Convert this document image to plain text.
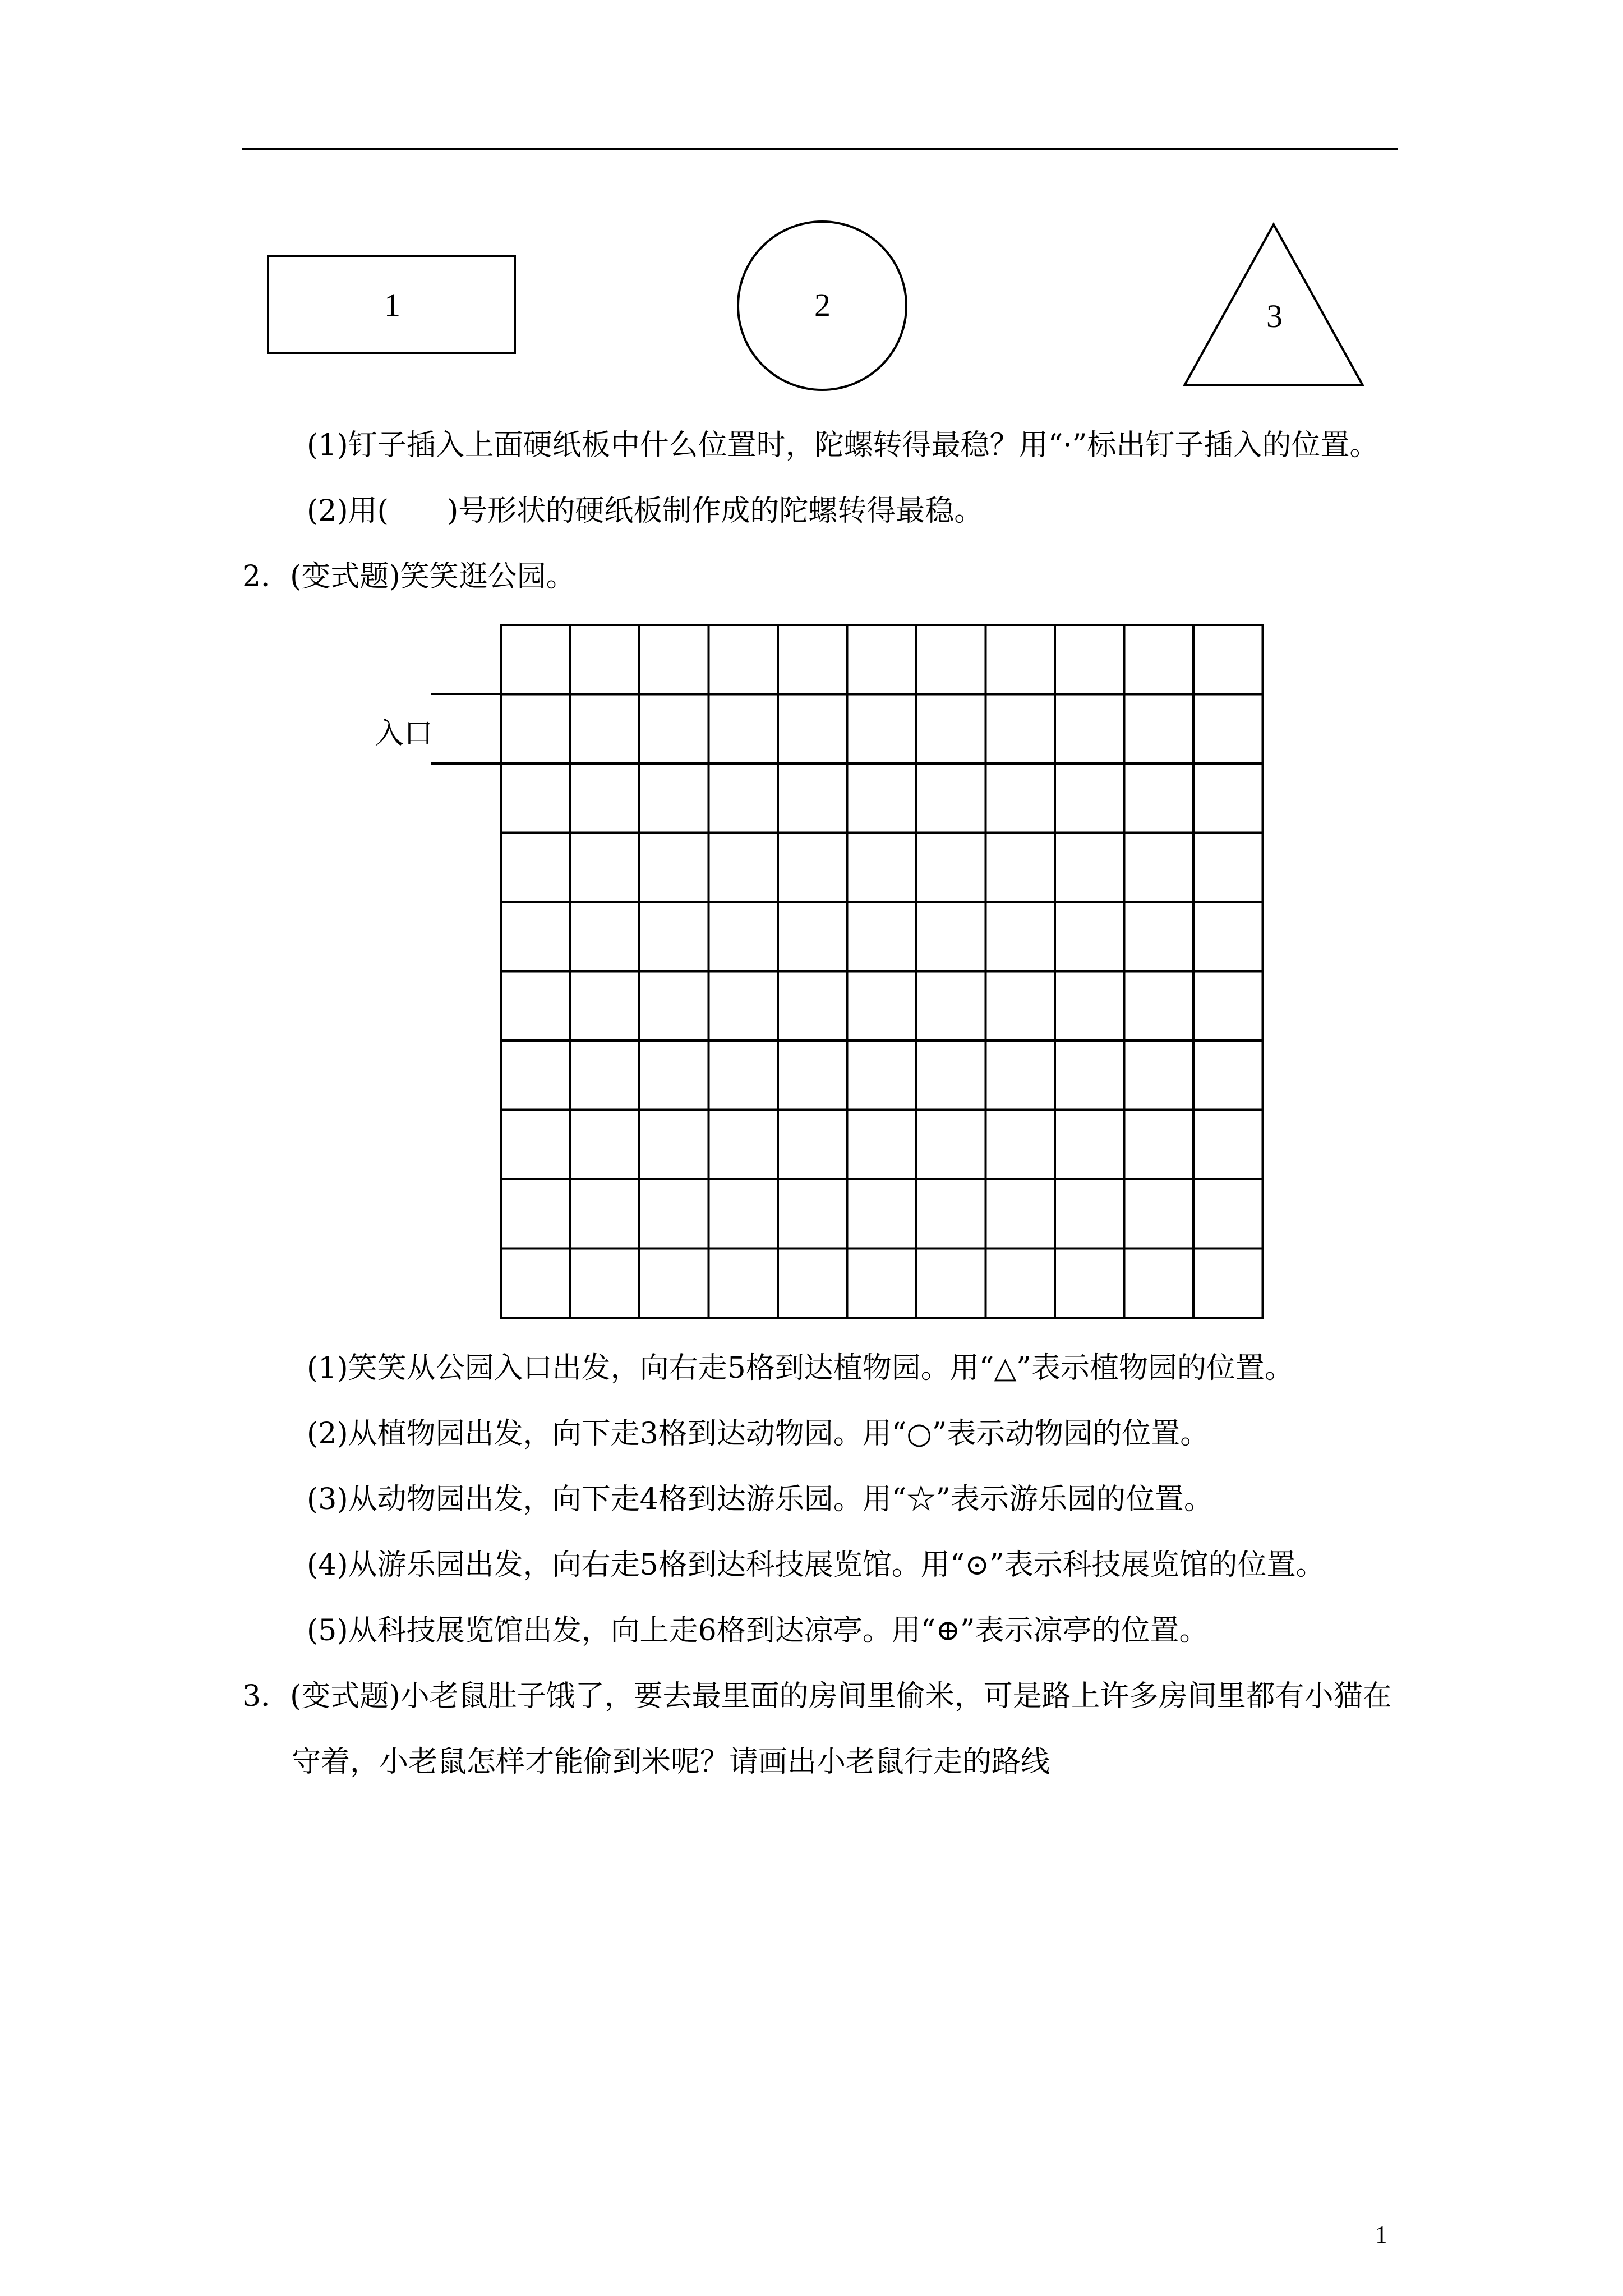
1	2	3
(1)钉子插入上面硬纸板中什么位置时，陀螺转得最稳？用“·”标出钉子插入的位置。
(2)用(　　)号形状的硬纸板制作成的陀螺转得最稳。
2．(变式题)笑笑逛公园。
入口
(1)笑笑从公园入口出发，向右走5格到达植物园。用“△”表示植物园的位置。
(2)从植物园出发，向下走3格到达动物园。用“○”表示动物园的位置。
(3)从动物园出发，向下走4格到达游乐园。用“☆”表示游乐园的位置。
(4)从游乐园出发，向右走5格到达科技展览馆。用“⊙”表示科技展览馆的位置。
(5)从科技展览馆出发，向上走6格到达凉亭。用“⊕”表示凉亭的位置。
3．(变式题)小老鼠肚子饿了，要去最里面的房间里偷米，可是路上许多房间里都有小猫在
守着，小老鼠怎样才能偷到米呢？请画出小老鼠行走的路线
1
